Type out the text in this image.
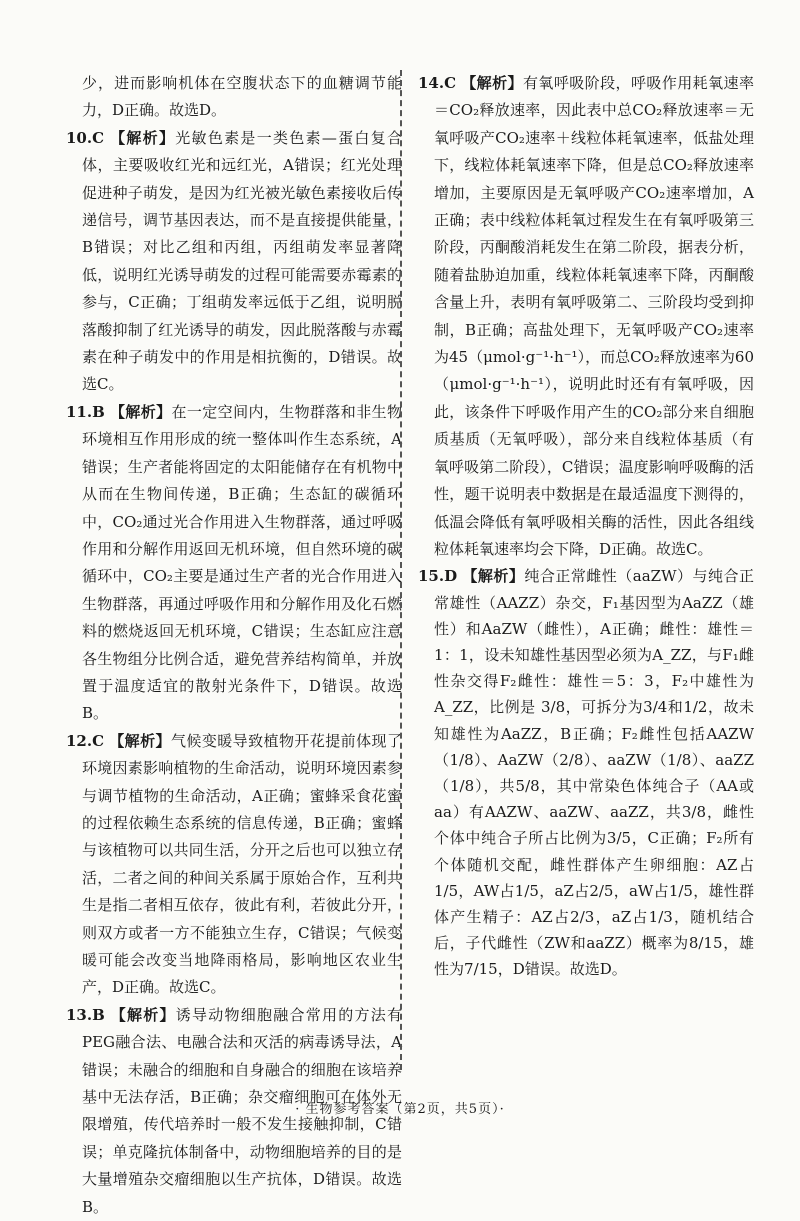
少，进而影响机体在空腹状态下的血糖调节能力，D正确。故选D。

10.C 【解析】光敏色素是一类色素—蛋白复合体，主要吸收红光和远红光，A错误；红光处理促进种子萌发，是因为红光被光敏色素接收后传递信号，调节基因表达，而不是直接提供能量，B错误；对比乙组和丙组，丙组萌发率显著降低，说明红光诱导萌发的过程可能需要赤霉素的参与，C正确；丁组萌发率远低于乙组，说明脱落酸抑制了红光诱导的萌发，因此脱落酸与赤霉素在种子萌发中的作用是相抗衡的，D错误。故选C。

11.B 【解析】在一定空间内，生物群落和非生物环境相互作用形成的统一整体叫作生态系统，A错误；生产者能将固定的太阳能储存在有机物中从而在生物间传递，B正确；生态缸的碳循环中，CO₂通过光合作用进入生物群落，通过呼吸作用和分解作用返回无机环境，但自然环境的碳循环中，CO₂主要是通过生产者的光合作用进入生物群落，再通过呼吸作用和分解作用及化石燃料的燃烧返回无机环境，C错误；生态缸应注意各生物组分比例合适，避免营养结构简单，并放置于温度适宜的散射光条件下，D错误。故选B。

12.C 【解析】气候变暖导致植物开花提前体现了环境因素影响植物的生命活动，说明环境因素参与调节植物的生命活动，A正确；蜜蜂采食花蜜的过程依赖生态系统的信息传递，B正确；蜜蜂与该植物可以共同生活，分开之后也可以独立存活，二者之间的种间关系属于原始合作，互利共生是指二者相互依存，彼此有利，若彼此分开，则双方或者一方不能独立生存，C错误；气候变暖可能会改变当地降雨格局，影响地区农业生产，D正确。故选C。

13.B 【解析】诱导动物细胞融合常用的方法有PEG融合法、电融合法和灭活的病毒诱导法，A错误；未融合的细胞和自身融合的细胞在该培养基中无法存活，B正确；杂交瘤细胞可在体外无限增殖，传代培养时一般不发生接触抑制，C错误；单克隆抗体制备中，动物细胞培养的目的是大量增殖杂交瘤细胞以生产抗体，D错误。故选B。

14.C 【解析】有氧呼吸阶段，呼吸作用耗氧速率＝CO₂释放速率，因此表中总CO₂释放速率＝无氧呼吸产CO₂速率＋线粒体耗氧速率，低盐处理下，线粒体耗氧速率下降，但是总CO₂释放速率增加，主要原因是无氧呼吸产CO₂速率增加，A正确；表中线粒体耗氧过程发生在有氧呼吸第三阶段，丙酮酸消耗发生在第二阶段，据表分析，随着盐胁迫加重，线粒体耗氧速率下降，丙酮酸含量上升，表明有氧呼吸第二、三阶段均受到抑制，B正确；高盐处理下，无氧呼吸产CO₂速率为45（μmol·g⁻¹·h⁻¹），而总CO₂释放速率为60（μmol·g⁻¹·h⁻¹），说明此时还有有氧呼吸，因此，该条件下呼吸作用产生的CO₂部分来自细胞质基质（无氧呼吸），部分来自线粒体基质（有氧呼吸第二阶段），C错误；温度影响呼吸酶的活性，题干说明表中数据是在最适温度下测得的，低温会降低有氧呼吸相关酶的活性，因此各组线粒体耗氧速率均会下降，D正确。故选C。

15.D 【解析】纯合正常雌性（aaZW）与纯合正常雄性（AAZZ）杂交，F₁基因型为AaZZ（雄性）和AaZW（雌性），A正确；雌性：雄性＝1：1，设未知雄性基因型必须为A_ZZ，与F₁雌性杂交得F₂雌性：雄性＝5：3，F₂中雄性为A_ZZ，比例是 3/8，可拆分为3/4和1/2，故未知雄性为AaZZ，B正确；F₂雌性包括AAZW（1/8）、AaZW（2/8）、aaZW（1/8）、aaZZ（1/8），共5/8，其中常染色体纯合子（AA或aa）有AAZW、aaZW、aaZZ，共3/8，雌性个体中纯合子所占比例为3/5，C正确；F₂所有个体随机交配，雌性群体产生卵细胞：AZ占1/5，AW占1/5，aZ占2/5，aW占1/5，雄性群体产生精子：AZ占2/3，aZ占1/3，随机结合后，子代雌性（ZW和aaZZ）概率为8/15，雄性为7/15，D错误。故选D。

· 生物参考答案（第2页，共5页）·
